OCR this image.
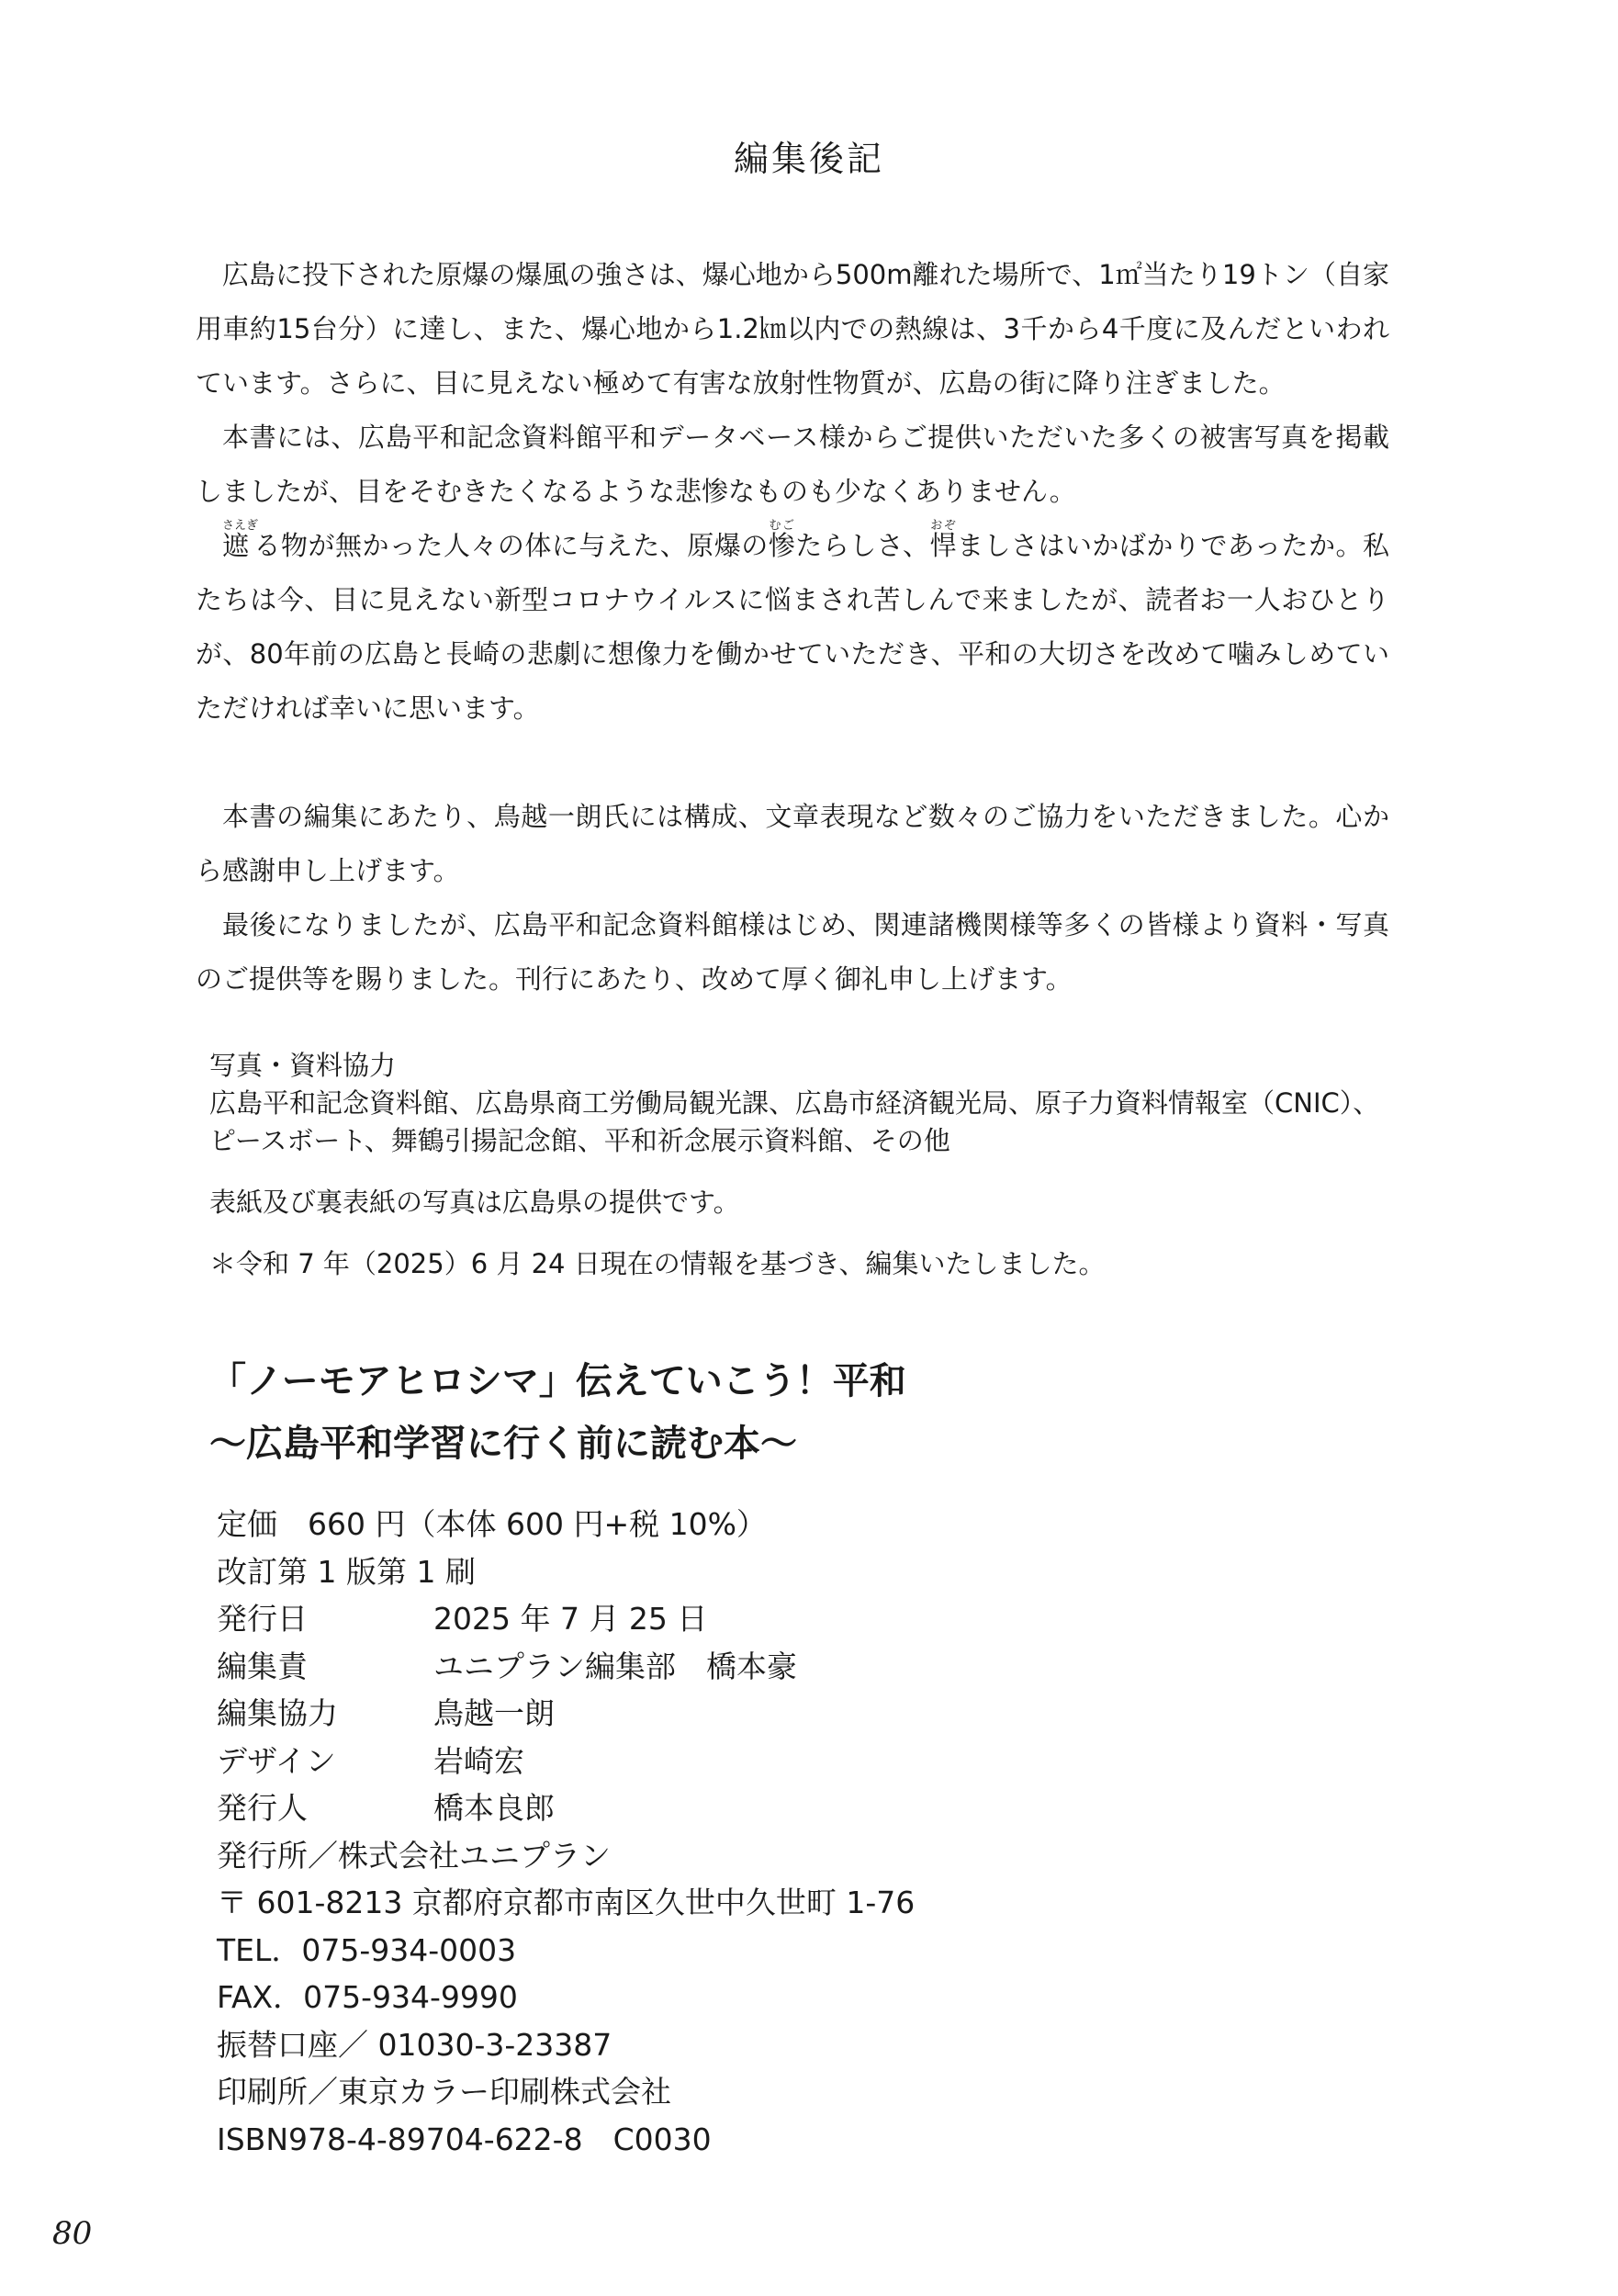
編集後記

広島に投下された原爆の爆風の強さは、爆心地から500m離れた場所で、1㎡当たり19トン（自家用車約15台分）に達し、また、爆心地から1.2㎞以内での熱線は、3千から4千度に及んだといわれています。さらに、目に見えない極めて有害な放射性物質が、広島の街に降り注ぎました。

本書には、広島平和記念資料館平和データベース様からご提供いただいた多くの被害写真を掲載しましたが、目をそむきたくなるような悲惨なものも少なくありません。

遮さえぎる物が無かった人々の体に与えた、原爆の惨むごたらしさ、悍おぞましさはいかばかりであったか。私たちは今、目に見えない新型コロナウイルスに悩まされ苦しんで来ましたが、読者お一人おひとりが、80年前の広島と長崎の悲劇に想像力を働かせていただき、平和の大切さを改めて噛みしめていただければ幸いに思います。

本書の編集にあたり、鳥越一朗氏には構成、文章表現など数々のご協力をいただきました。心から感謝申し上げます。

最後になりましたが、広島平和記念資料館様はじめ、関連諸機関様等多くの皆様より資料・写真のご提供等を賜りました。刊行にあたり、改めて厚く御礼申し上げます。

写真・資料協力
広島平和記念資料館、広島県商工労働局観光課、広島市経済観光局、原子力資料情報室（CNIC）、
ピースボート、舞鶴引揚記念館、平和祈念展示資料館、その他
表紙及び裏表紙の写真は広島県の提供です。
＊令和 7 年（2025）6 月 24 日現在の情報を基づき、編集いたしました。
「ノーモアヒロシマ」伝えていこう！平和
〜広島平和学習に行く前に読む本〜
定価　660 円（本体 600 円+税 10%）
改訂第 1 版第 1 刷
発行日	2025 年 7 月 25 日
編集責	ユニプラン編集部　橋本豪
編集協力	鳥越一朗
デザイン	岩崎宏
発行人	橋本良郎
発行所／株式会社ユニプラン
〒 601-8213 京都府京都市南区久世中久世町 1-76
TEL．075-934-0003
FAX．075-934-9990
振替口座／ 01030-3-23387
印刷所／東京カラー印刷株式会社
ISBN978-4-89704-622-8　C0030
80
